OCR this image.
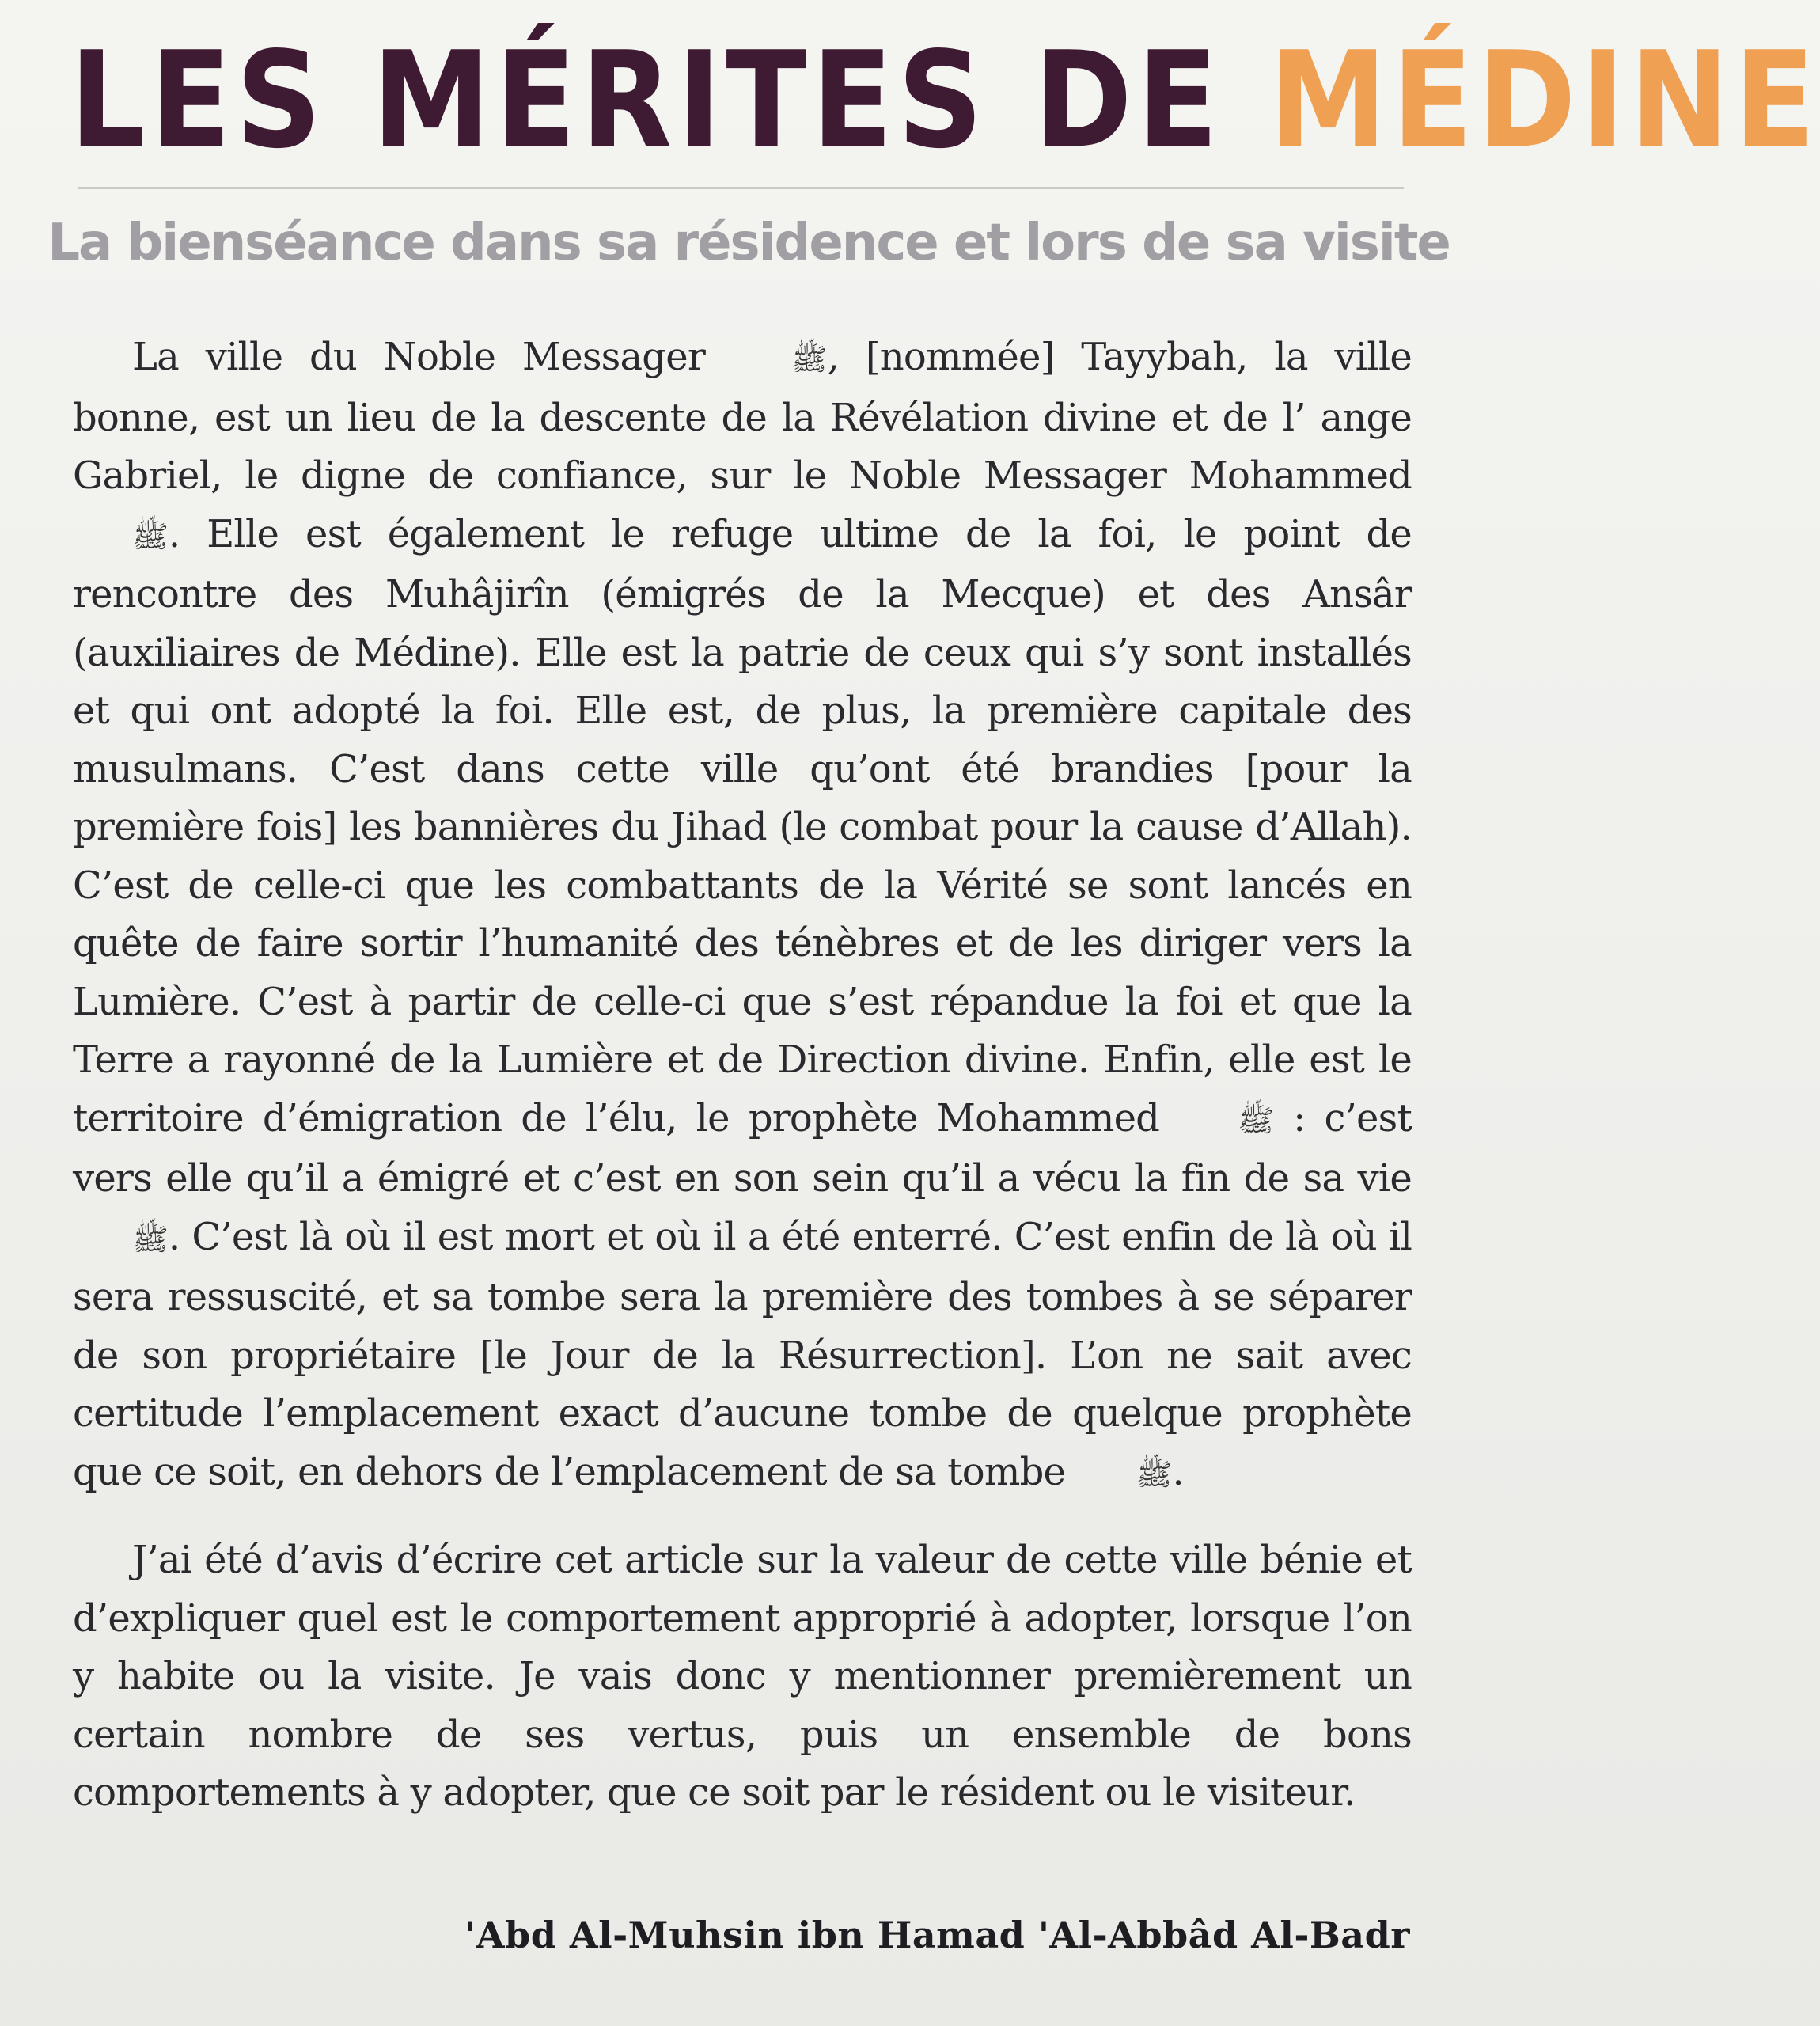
LES MÉRITES DE MÉDINE
La bienséance dans sa résidence et lors de sa visite

La ville du Noble Messager	ﷺ, [nommée] Tayybah, la ville bonne, est un lieu de la descente de la Révélation divine et de l’ ange Gabriel, le digne de confiance, sur le Noble Messager Mohammed ﷺ. Elle est également le refuge ultime de la foi, le point de rencontre des Muhâjirîn (émigrés de la Mecque) et des Ansâr (auxiliaires de Médine). Elle est la patrie de ceux qui s’y sont installés et qui ont adopté la foi. Elle est, de plus, la première capitale des musulmans. C’est dans cette ville qu’ont été brandies [pour la première fois] les bannières du Jihad (le combat pour la cause d’Allah). C’est de celle-ci que les combattants de la Vérité se sont lancés en quête de faire sortir l’humanité des ténèbres et de les diriger vers la Lumière. C’est à partir de celle-ci que s’est répandue la foi et que la Terre a rayonné de la Lumière et de Direction divine. Enfin, elle est le territoire d’émigration de l’élu, le prophète Mohammed	ﷺ : c’est vers elle qu’il a émigré et c’est en son sein qu’il a vécu la fin de sa vie ﷺ. C’est là où il est mort et où il a été enterré. C’est enfin de là où il sera ressuscité, et sa tombe sera la première des tombes à se séparer de son propriétaire [le Jour de la Résurrection]. L’on ne sait avec certitude l’emplacement exact d’aucune tombe de quelque prophète que ce soit, en dehors de l’emplacement de sa tombe ﷺ.

J’ai été d’avis d’écrire cet article sur la valeur de cette ville bénie et d’expliquer quel est le comportement approprié à adopter, lorsque l’on y habite ou la visite. Je vais donc y mentionner premièrement un certain nombre de ses vertus, puis un ensemble de bons comportements à y adopter, que ce soit par le résident ou le visiteur.

'Abd Al-Muhsin ibn Hamad 'Al-Abbâd Al-Badr
